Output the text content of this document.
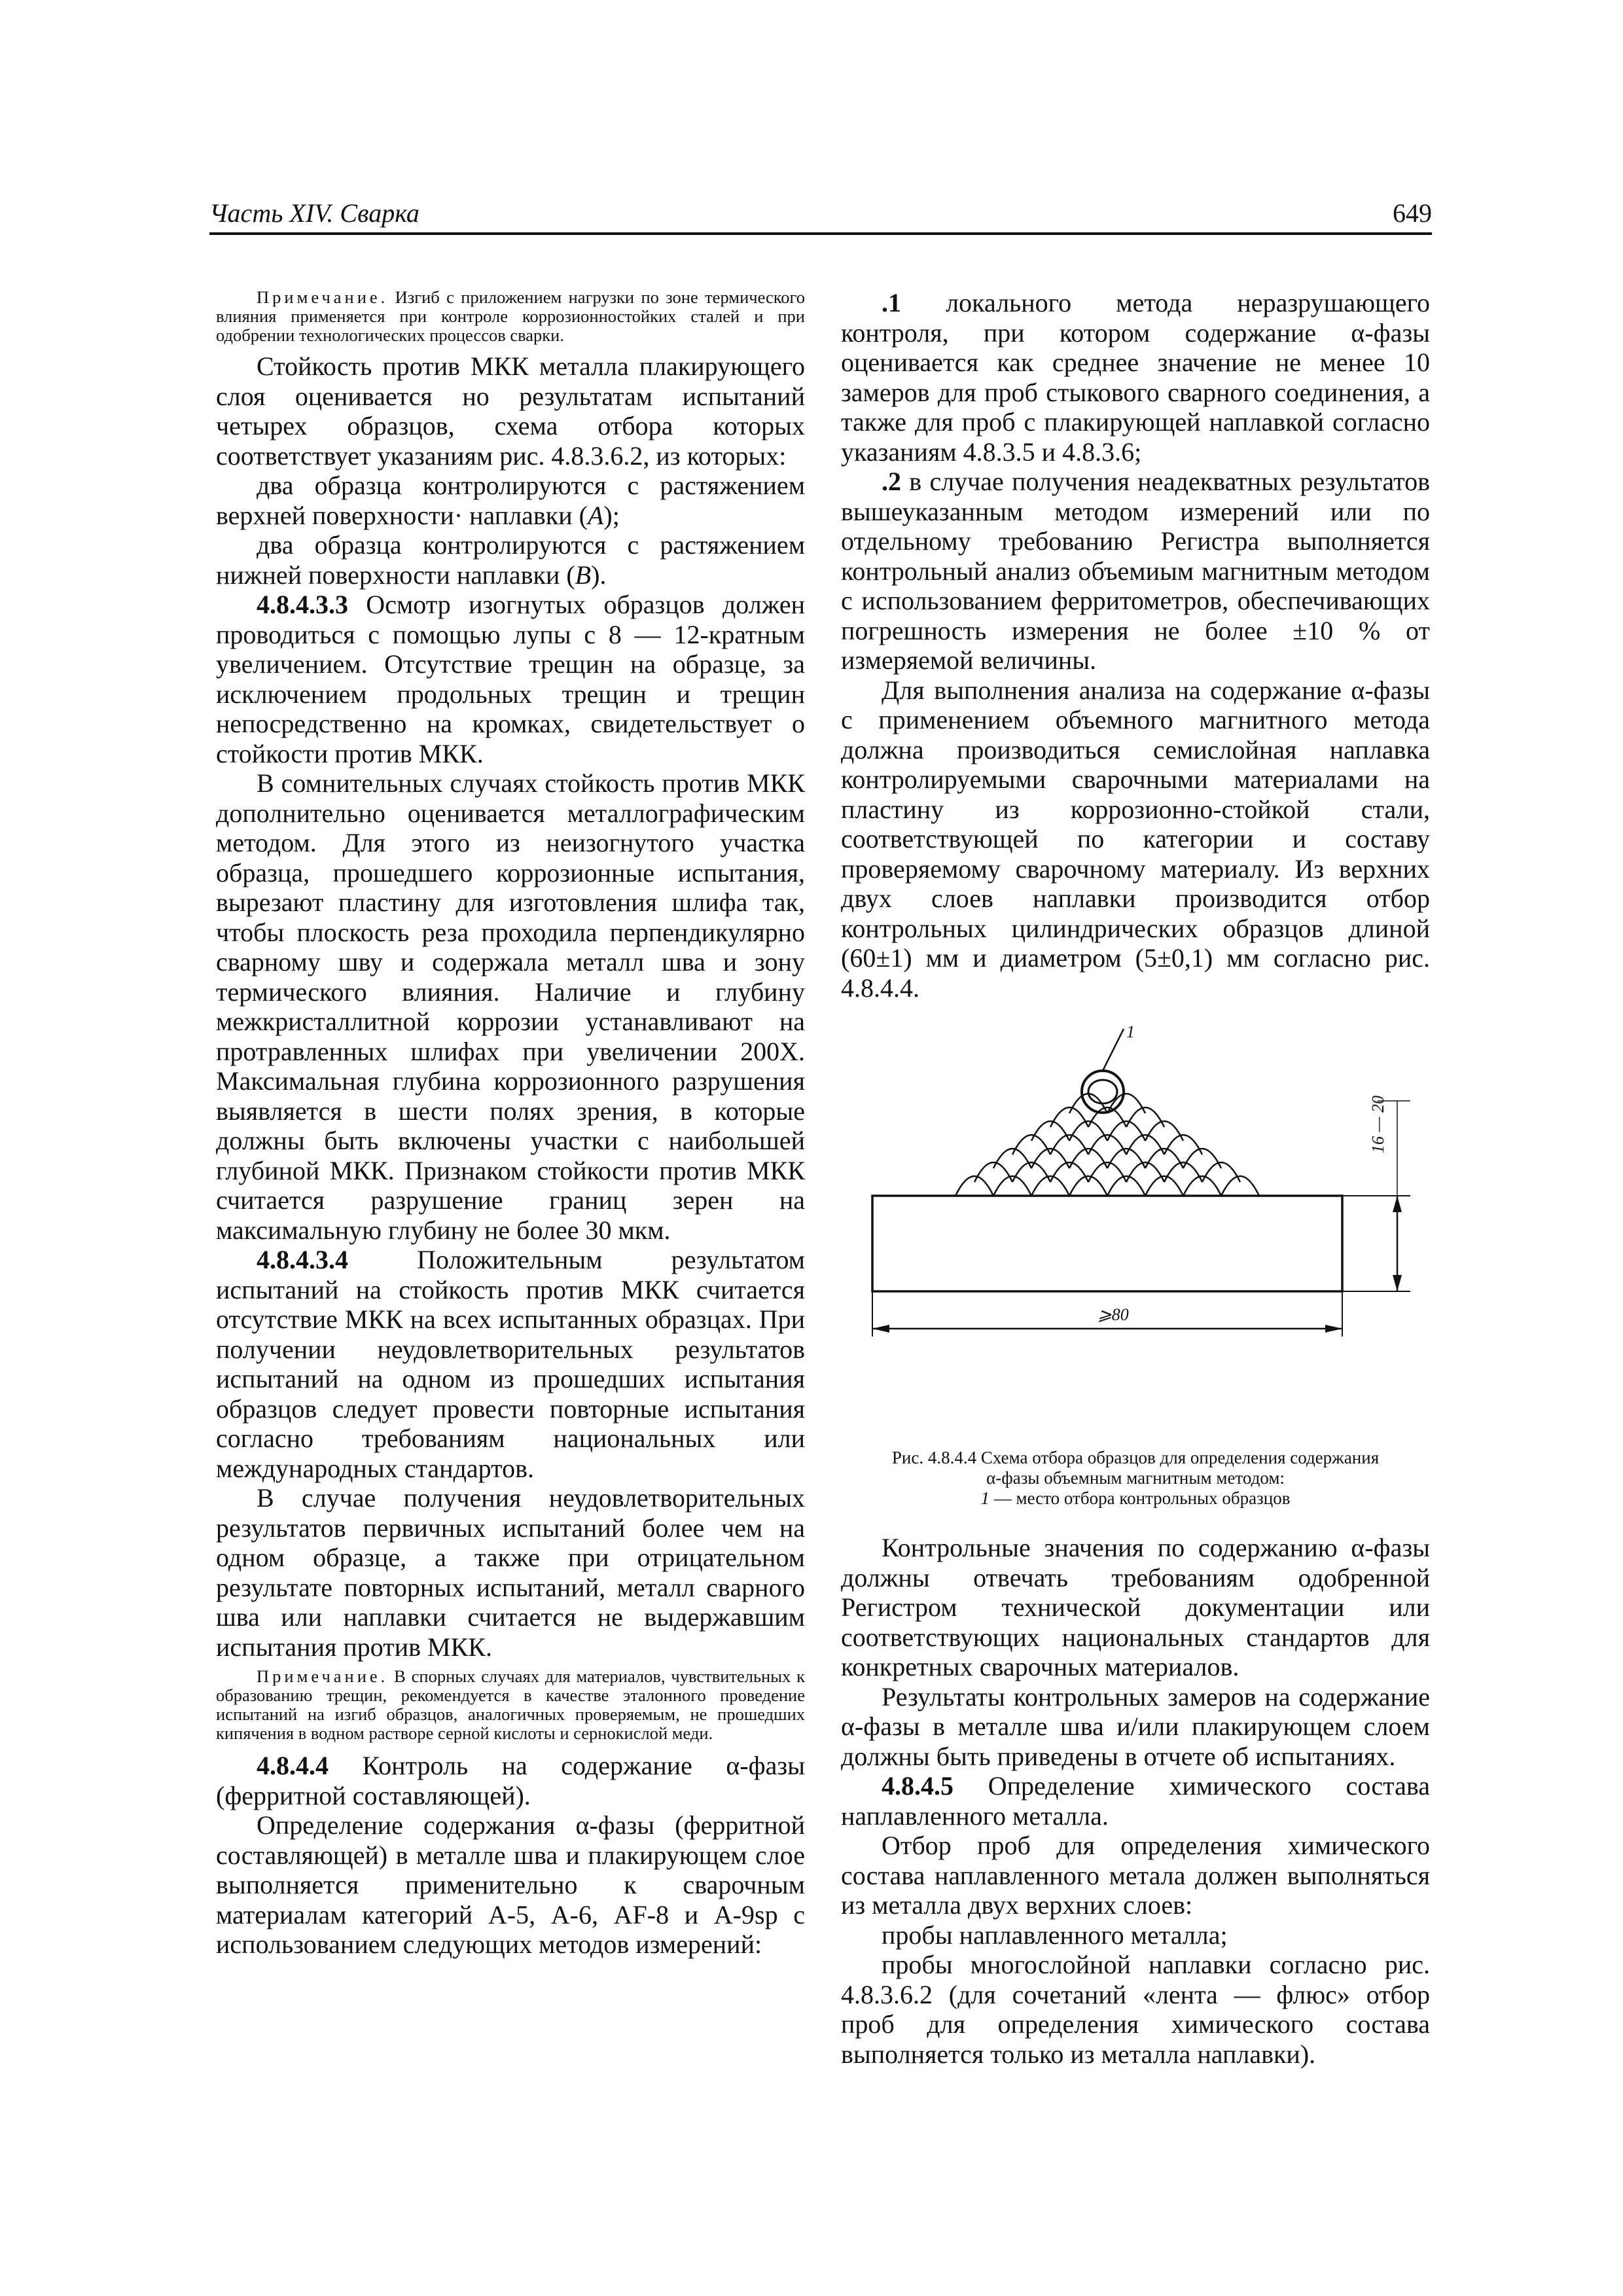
Часть XIV. Сварка	649

Примечание. Изгиб с приложением нагрузки по зоне термического влияния применяется при контроле коррозионностойких сталей и при одобрении технологических процессов сварки.

Стойкость против МКК металла плакирующего слоя оценивается но результатам испытаний четырех образцов, схема отбора которых соответствует указаниям рис. 4.8.3.6.2, из которых:

два образца контролируются с растяжением верхней поверхности· наплавки (A);

два образца контролируются с растяжением нижней поверхности наплавки (B).

4.8.4.3.3 Осмотр изогнутых образцов должен проводиться с помощью лупы с 8 — 12-кратным увеличением. Отсутствие трещин на образце, за исключением продольных трещин и трещин непосредственно на кромках, свидетельствует о стойкости против МКК.

В сомнительных случаях стойкость против МКК дополнительно оценивается металлографическим методом. Для этого из неизогнутого участка образца, прошедшего коррозионные испытания, вырезают пластину для изготовления шлифа так, чтобы плоскость реза проходила перпендикулярно сварному шву и содержала металл шва и зону термического влияния. Наличие и глубину межкристаллитной коррозии устанавливают на протравленных шлифах при увеличении 200Х. Максимальная глубина коррозионного разрушения выявляется в шести полях зрения, в которые должны быть включены участки с наибольшей глубиной МКК. Признаком стойкости против МКК считается разрушение границ зерен на максимальную глубину не более 30 мкм.

4.8.4.3.4 Положительным результатом испытаний на стойкость против МКК считается отсутствие МКК на всех испытанных образцах. При получении неудовлетворительных результатов испытаний на одном из прошедших испытания образцов следует провести повторные испытания согласно требованиям национальных или международных стандартов.

В случае получения неудовлетворительных результатов первичных испытаний более чем на одном образце, а также при отрицательном результате повторных испытаний, металл сварного шва или наплавки считается не выдержавшим испытания против МКК.

Примечание. В спорных случаях для материалов, чувствительных к образованию трещин, рекомендуется в качестве эталонного проведение испытаний на изгиб образцов, аналогичных проверяемым, не прошедших кипячения в водном растворе серной кислоты и сернокислой меди.

4.8.4.4 Контроль на содержание α-фазы (ферритной составляющей).

Определение содержания α-фазы (ферритной составляющей) в металле шва и плакирующем слое выполняется применительно к сварочным материалам категорий А-5, А-6, AF-8 и А-9sp с использованием следующих методов измерений:

.1 локального метода неразрушающего контроля, при котором содержание α-фазы оценивается как среднее значение не менее 10 замеров для проб стыкового сварного соединения, а также для проб с плакирующей наплавкой согласно указаниям 4.8.3.5 и 4.8.3.6;

.2 в случае получения неадекватных результатов вышеуказанным методом измерений или по отдельному требованию Регистра выполняется контрольный анализ объемиым магнитным методом с использованием ферритометров, обеспечивающих погрешность измерения не более ±10 % от измеряемой величины.

Для выполнения анализа на содержание α-фазы с применением объемного магнитного метода должна производиться семислойная наплавка контролируемыми сварочными материалами на пластину из коррозионно-стойкой стали, соответствующей по категории и составу проверяемому сварочному материалу. Из верхних двух слоев наплавки производится отбор контрольных цилиндрических образцов длиной (60±1) мм и диаметром (5±0,1) мм согласно рис. 4.8.4.4.

1
16 — 20
⩾80

Рис. 4.8.4.4 Схема отбора образцов для определения содержания

α-фазы объемным магнитным методом:

1 — место отбора контрольных образцов

Контрольные значения по содержанию α-фазы должны отвечать требованиям одобренной Регистром технической документации или соответствующих национальных стандартов для конкретных сварочных материалов.

Результаты контрольных замеров на содержание α-фазы в металле шва и/или плакирующем слоем должны быть приведены в отчете об испытаниях.

4.8.4.5 Определение химического состава наплавленного металла.

Отбор проб для определения химического состава наплавленного метала должен выполняться из металла двух верхних слоев:

пробы наплавленного металла;

пробы многослойной наплавки согласно рис. 4.8.3.6.2 (для сочетаний «лента — флюс» отбор проб для определения химического состава выполняется только из металла наплавки).
